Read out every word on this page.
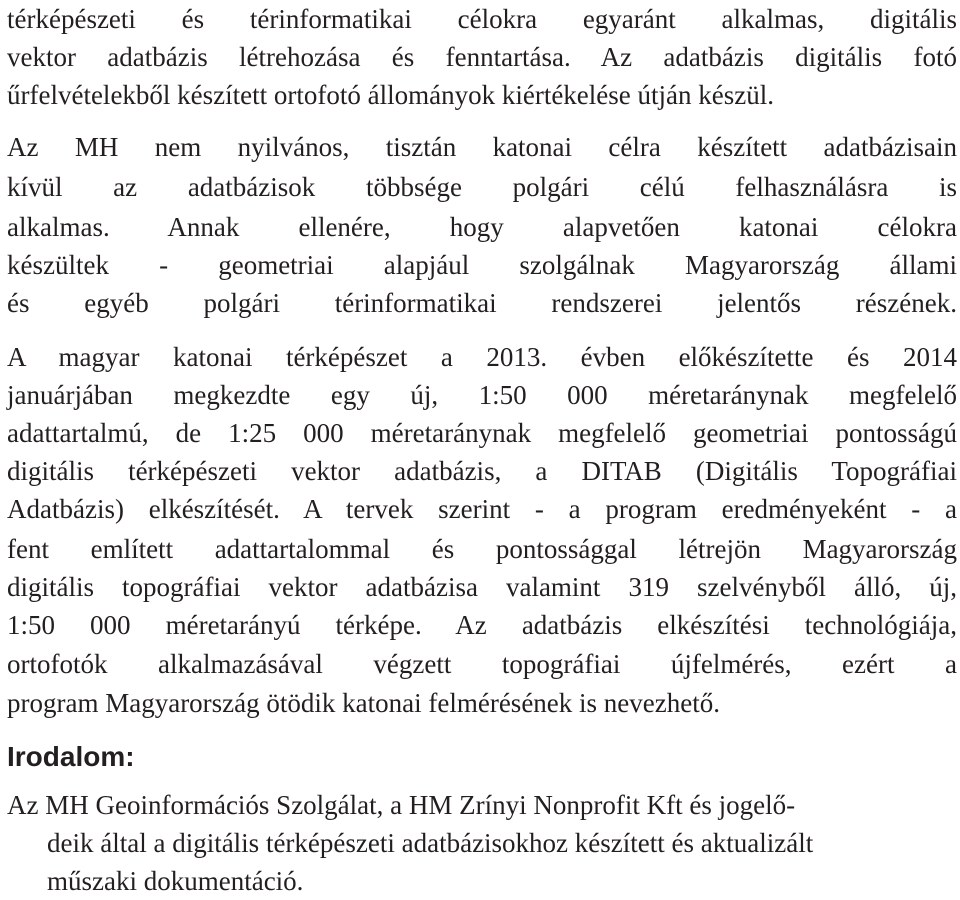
térképészeti és térinformatikai célokra egyaránt alkalmas, digitális
vektor adatbázis létrehozása és fenntartása. Az adatbázis digitális fotó
űrfelvételekből készített ortofotó állományok kiértékelése útján készül.
Az MH nem nyilvános, tisztán katonai célra készített adatbázisain
kívül az adatbázisok többsége polgári célú felhasználásra is
alkalmas. Annak ellenére, hogy alapvetően katonai célokra
készültek - geometriai alapjául szolgálnak Magyarország állami
és egyéb polgári térinformatikai rendszerei jelentős részének.
A magyar katonai térképészet a 2013. évben előkészítette és 2014
januárjában megkezdte egy új, 1:50 000 méretaránynak megfelelő
adattartalmú, de 1:25 000 méretaránynak megfelelő geometriai pontosságú
digitális térképészeti vektor adatbázis, a DITAB (Digitális Topográfiai
Adatbázis) elkészítését. A tervek szerint - a program eredményeként - a
fent említett adattartalommal és pontossággal létrejön Magyarország
digitális topográfiai vektor adatbázisa valamint 319 szelvényből álló, új,
1:50 000 méretarányú térképe. Az adatbázis elkészítési technológiája,
ortofotók alkalmazásával végzett topográfiai újfelmérés, ezért a
program Magyarország ötödik katonai felmérésének is nevezhető.
Irodalom:
Az MH Geoinformációs Szolgálat, a HM Zrínyi Nonprofit Kft és jogelő-
deik által a digitális térképészeti adatbázisokhoz készített és aktualizált
műszaki dokumentáció.
